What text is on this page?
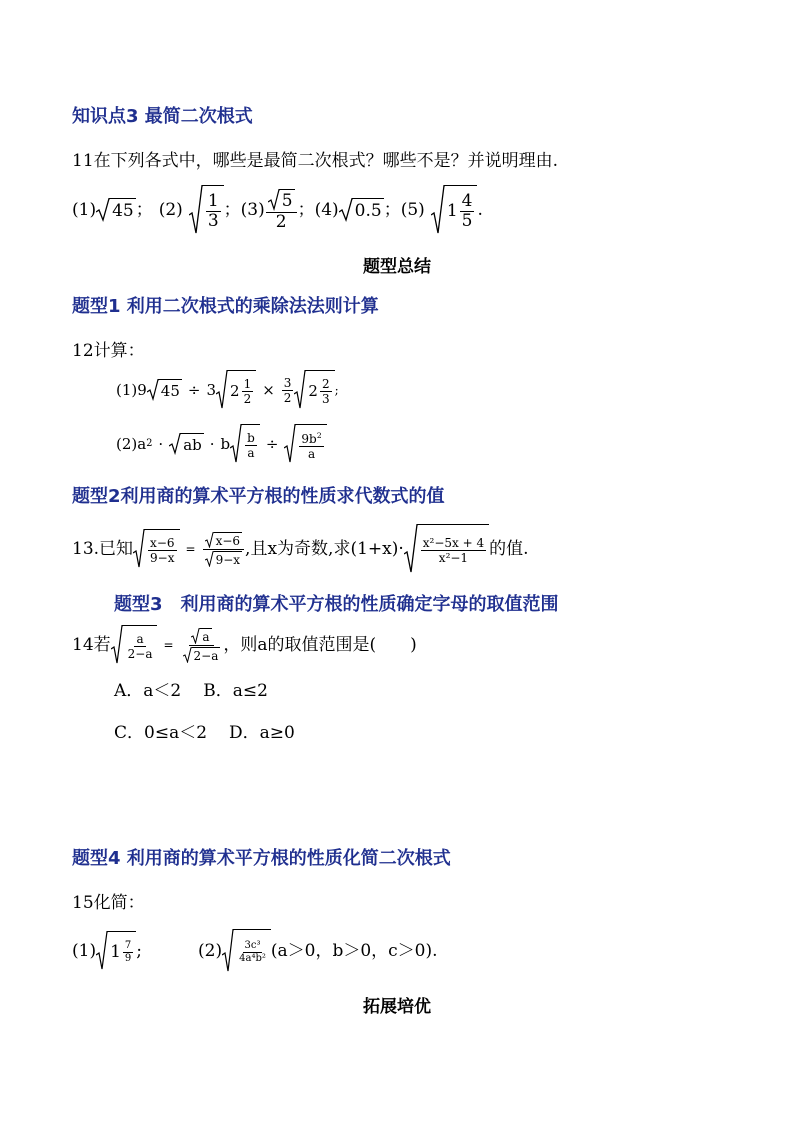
知识点3 最简二次根式
11在下列各式中，哪些是最简二次根式？哪些不是？并说明理由.
(1) 45 ； $(2) \frac{1}{3}$ ； $(3) \frac{5}{2}$ ； (4) 0.5 ； (5) $1 \frac{4}{5}$ .
题型总结
题型1 利用二次根式的乘除法法则计算
12计算：
(1) 9 45 ÷ 3 $2 \frac{1}{2} \times \frac{3}{2} 2 \frac{2}{3}$ ;
(2) a 2 · ab · b $\frac{b}{a} \div \frac{9b^2}{a}$
题型2利用商的算术平方根的性质求代数式的值
13.已知 $\frac{x-6}{9-x} = \frac{x-6}{9-x}$ ,且x为奇数,求$(1+x)\cdot \frac{\text{x²−5x + 4}}{\text{x²−1}}$ 的值.
题型3　利用商的算术平方根的性质确定字母的取值范围
14若 $\frac{a}{2-a} = \frac{a}{2-a}$ ，则a的取值范围是(　　)
A．a＜2 B．a≤2
C．0≤a＜2 D．a≥0
题型4 利用商的算术平方根的性质化简二次根式
15化简：
(1) $1 \frac{7}{9}$ ;	$(2) \frac{\text{3c³}}{\text{4a⁴b²}} (a>0$，b＞0，c＞0).
拓展培优
